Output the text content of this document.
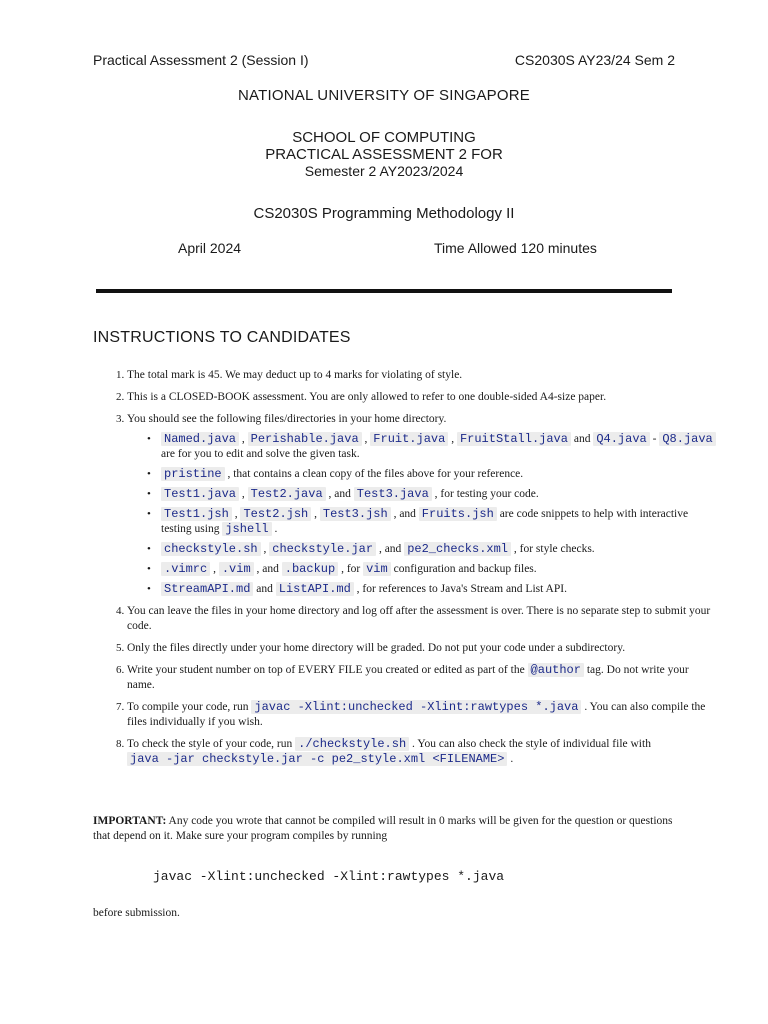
Practical Assessment 2 (Session I)	CS2030S AY23/24 Sem 2
NATIONAL UNIVERSITY OF SINGAPORE
SCHOOL OF COMPUTING
PRACTICAL ASSESSMENT 2 FOR
Semester 2 AY2023/2024
CS2030S Programming Methodology II
April 2024	Time Allowed 120 minutes
INSTRUCTIONS TO CANDIDATES
1. The total mark is 45. We may deduct up to 4 marks for violating of style.
2. This is a CLOSED-BOOK assessment. You are only allowed to refer to one double-sided A4-size paper.
3. You should see the following files/directories in your home directory.
• Named.java , Perishable.java , Fruit.java , FruitStall.java and Q4.java - Q8.java
are for you to edit and solve the given task.
• pristine , that contains a clean copy of the files above for your reference.
• Test1.java , Test2.java , and Test3.java , for testing your code.
• Test1.jsh , Test2.jsh , Test3.jsh , and Fruits.jsh are code snippets to help with interactive testing using jshell .
• checkstyle.sh , checkstyle.jar , and pe2_checks.xml , for style checks.
• .vimrc , .vim , and .backup , for vim configuration and backup files.
• StreamAPI.md and ListAPI.md , for references to Java's Stream and List API.
4. You can leave the files in your home directory and log off after the assessment is over. There is no separate step to submit your code.
5. Only the files directly under your home directory will be graded. Do not put your code under a subdirectory.
6. Write your student number on top of EVERY FILE you created or edited as part of the @author tag. Do not write your name.
7. To compile your code, run javac -Xlint:unchecked -Xlint:rawtypes *.java . You can also compile the files individually if you wish.
8. To check the style of your code, run ./checkstyle.sh . You can also check the style of individual file with
java -jar checkstyle.jar -c pe2_style.xml <FILENAME> .
IMPORTANT: Any code you wrote that cannot be compiled will result in 0 marks will be given for the question or questions that depend on it. Make sure your program compiles by running
javac -Xlint:unchecked -Xlint:rawtypes *.java
before submission.
